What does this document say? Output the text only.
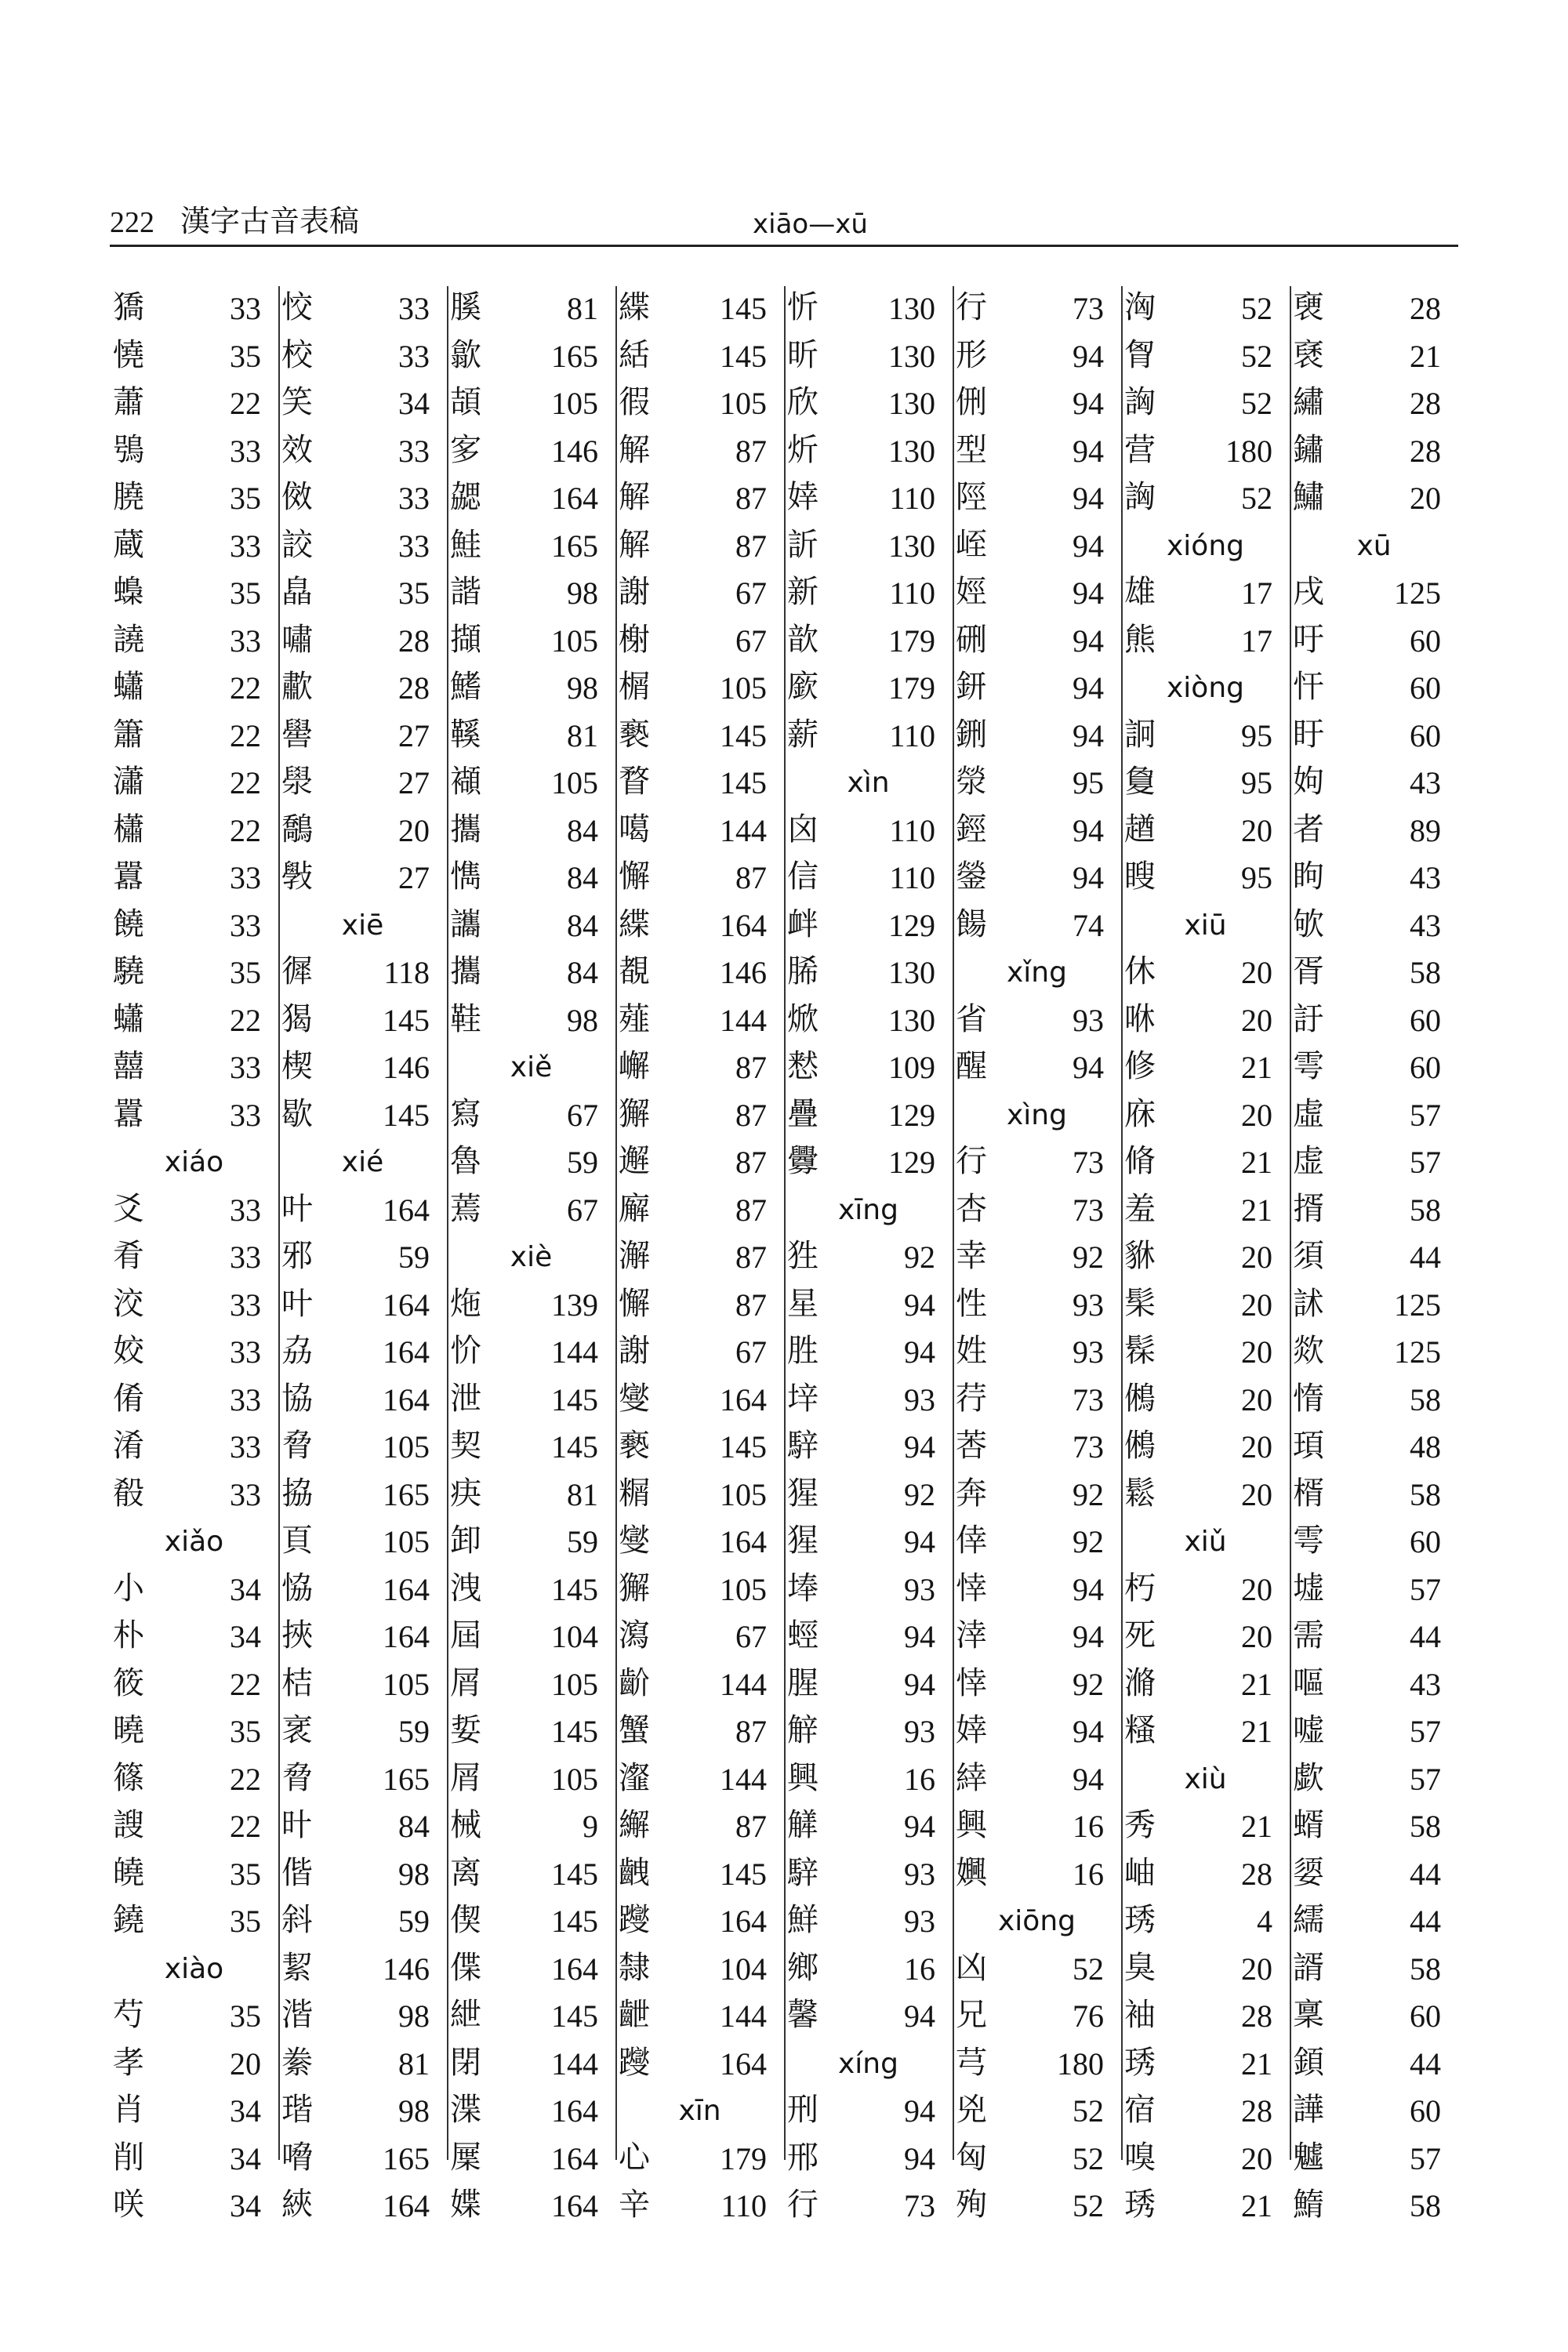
222 漢字古音表稿	xiāo—xū
獢	33
憢	35
蕭	22
鴞	33
膮	35
蔵	33
蟂	35
譊	33
蠨	22
簫	22
瀟	22
櫹	22
囂	33
饒	33
驍	35
蠨	22
囍	33
囂	33
xiáo
爻	33
肴	33
洨	33
姣	33
倄	33
淆	33
殽	33
xiǎo
小	34
朴	34
筱	22
曉	35
篠	22
謏	22
皢	35
鐃	35
xiào
芍	35
孝	20
肖	34
削	34
咲	34
恔	33
校	33
笑	34
效	33
傚	33
詨	33
皛	35
嘯	28
歗	28
嚳	27
澩	27
鷮	20
斅	27
xiē
徲 118
猲 145
楔 146
歇 145
xié
叶 164
邪	59
叶 164
劦 164
協 164
脅 105
拹 165
頁 105
恊 164
挾 164
桔 105
衺	59
脅 165
旪	84
偕	98
斜	59
絜 146
湝	98
絭	81
瑎	98
嗋 165
綊 164
膎	81
歙 165
頡 105
㝖 146
勰 164
鮭 165
諧	98
擷 105
鰭	98
鞵	81
襭 105
攜	84
懏	84
讗	84
攜	84
鞋	98
xiě
寫	67
魯	59
蔫	67
xiè
炧 139
忦 144
泄 145
契 145
疦	81
卸	59
洩 145
屆 104
屑 105
娎 145
屑 105
械	9
离 145
偰 145
偞 164
紲 145
閉 144
渫 164
屟 164
媟 164
緤 145
絬 145
徦 105
解	87
解	87
解	87
謝	67
榭	67
榍 105
褻 145
瞀 145
噶 144
懈	87
緤 164
覩 146
薤 144
嶰	87
獬	87
邂	87
廨	87
澥	87
懈	87
謝	67
燮 164
褻 145
糏 105
燮 164
獬 105
瀉	67
齘 144
蟹	87
瀣 144
繲	87
齥 145
躞 164
隸 104
齛 144
躞 164
xīn
心 179
辛 110
忻 130
昕 130
欣 130
炘 130
婞 110
訢 130
新 110
歆 179
廞 179
薪 110
xìn
囟 110
信 110
衅 129
脪 130
焮 130
慭 109
疊 129
釁 129
xīng
狌	92
星	94
胜	94
垶	93
騂	94
猩	92
猩	94
埲	93
蛵	94
腥	94
觪	93
興	16
觲	94
騂	93
鮮	93
鄉	16
馨	94
xíng
刑	94
邢	94
行	73
行	73
形	94
侀	94
型	94
陘	94
峌	94
娙	94
硎	94
鈃	94
鉶	94
滎	95
鋞	94
鎣	94
餳	74
xǐng
省	93
醒	94
xìng
行	73
杏	73
幸	92
性	93
姓	93
荇	73
莕	73
奔	92
倖	92
悻	94
涬	94
悻	92
婞	94
緈	94
興	16
嬹	16
xiōng
凶	52
兄	76
芎 180
兇	52
匈	52
殉	52
洶	52
胷	52
詾	52
营 180
詾	52
xióng
雄	17
熊	17
xiòng
詗	95
敻	95
趥	20
瞍	95
xiū
休	20
咻	20
修	21
庥	20
脩	21
羞	21
貅	20
髤	20
髹	20
鵂	20
鵂	20
鬆	20
xiǔ
朽	20
死	20
滫	21
糔	21
xiù
秀	21
岫	28
琇	4
臭	20
袖	28
琇	21
宿	28
嗅	20
琇	21
褏	28
褎	21
繡	28
鏽	28
鱐	20
xū
戌 125
吁	60
忓	60
盱	60
姁	43
者	89
眗	43
欨	43
胥	58
訏	60
雩	60
虛	57
虚	57
揟	58
須	44
訹 125
欻 125
惰	58
頊	48
楈	58
雩	60
墟	57
需	44
嘔	43
嘘	57
歔	57
蝑	58
媭	44
繻	44
諝	58
稟	60
顉	44
譁	60
魖	57
鰖	58
